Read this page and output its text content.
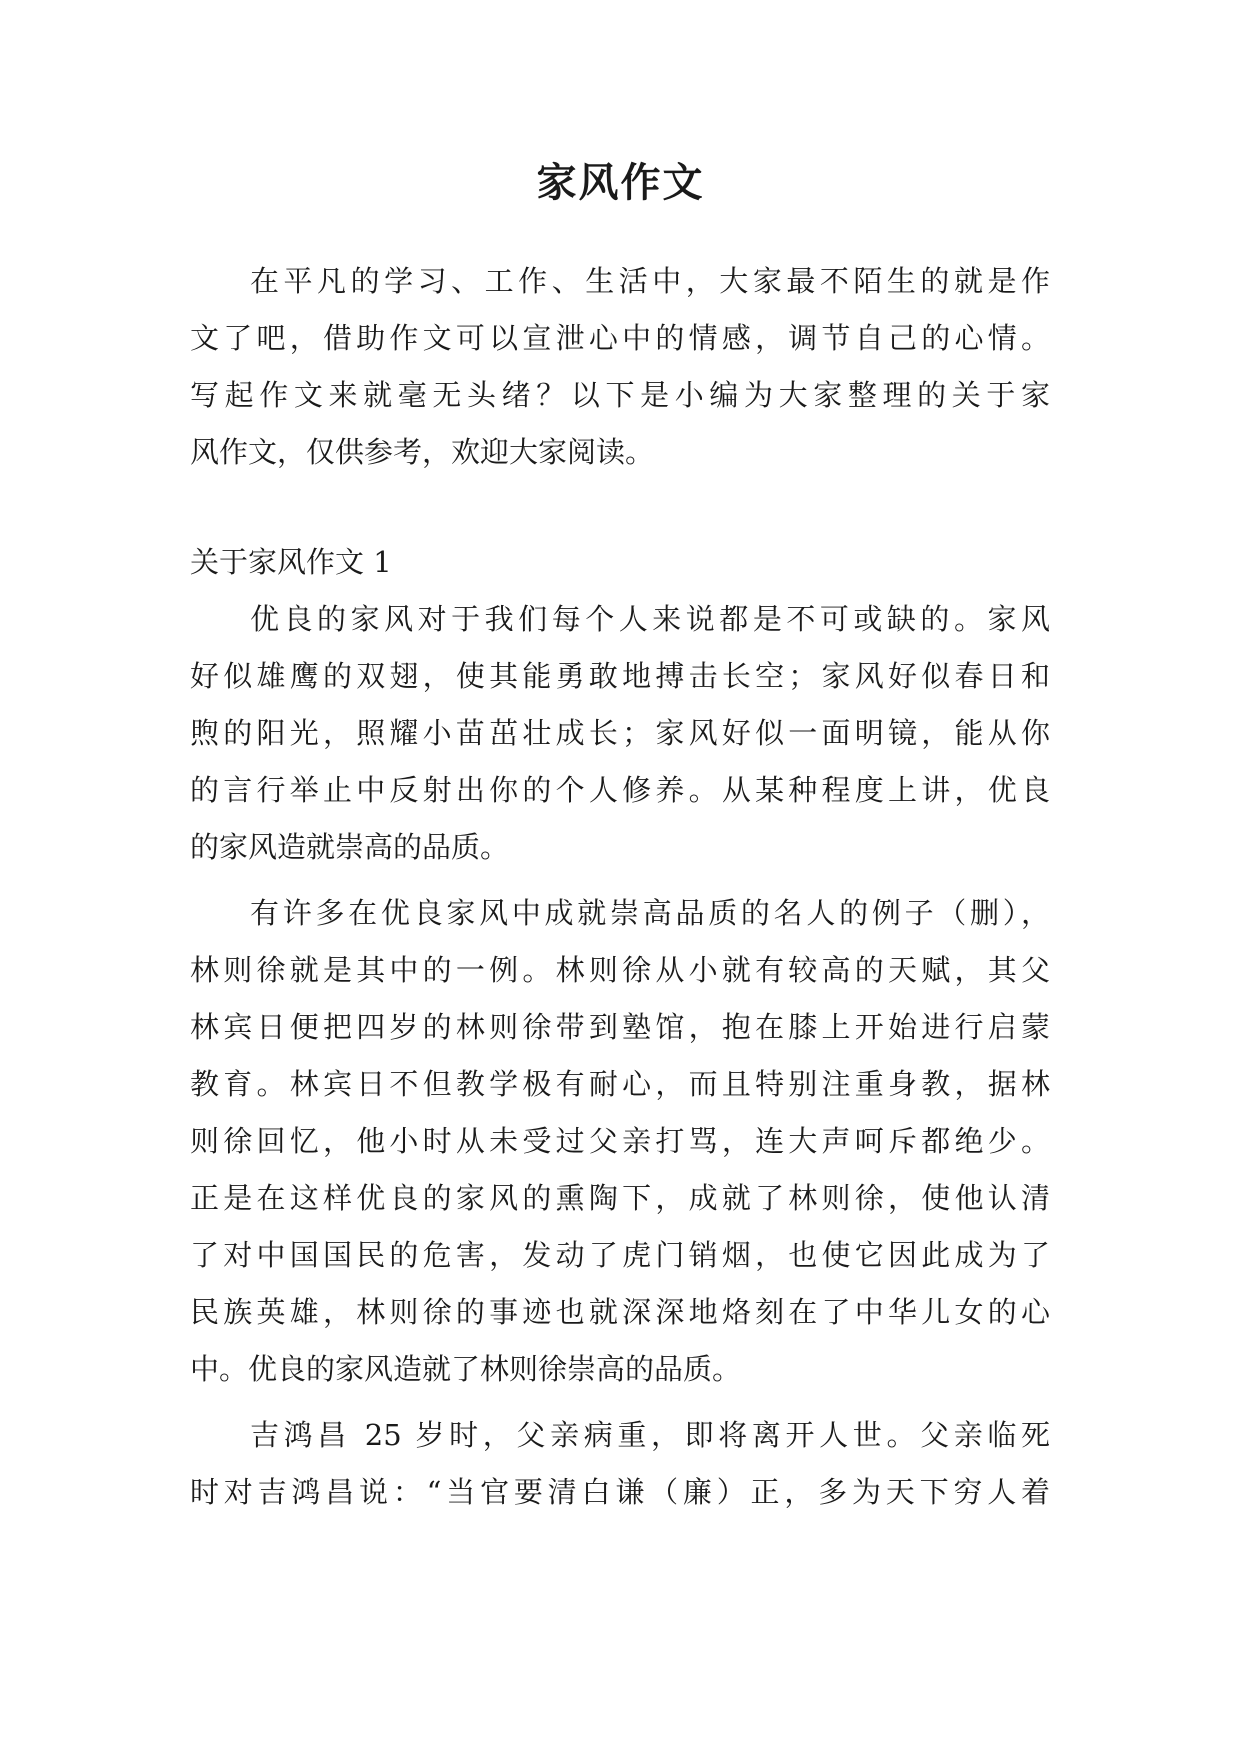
家风作文
在平凡的学习、工作、生活中，大家最不陌生的就是作
文了吧，借助作文可以宣泄心中的情感，调节自己的心情。
写起作文来就毫无头绪？以下是小编为大家整理的关于家
风作文，仅供参考，欢迎大家阅读。
关于家风作文 1
优良的家风对于我们每个人来说都是不可或缺的。家风
好似雄鹰的双翅，使其能勇敢地搏击长空；家风好似春日和
煦的阳光，照耀小苗茁壮成长；家风好似一面明镜，能从你
的言行举止中反射出你的个人修养。从某种程度上讲，优良
的家风造就崇高的品质。
有许多在优良家风中成就崇高品质的名人的例子（删），
林则徐就是其中的一例。林则徐从小就有较高的天赋，其父
林宾日便把四岁的林则徐带到塾馆，抱在膝上开始进行启蒙
教育。林宾日不但教学极有耐心，而且特别注重身教，据林
则徐回忆，他小时从未受过父亲打骂，连大声呵斥都绝少。
正是在这样优良的家风的熏陶下，成就了林则徐，使他认清
了对中国国民的危害，发动了虎门销烟，也使它因此成为了
民族英雄，林则徐的事迹也就深深地烙刻在了中华儿女的心
中。优良的家风造就了林则徐崇高的品质。
吉鸿昌 25 岁时，父亲病重，即将离开人世。父亲临死
时对吉鸿昌说：“当官要清白谦（廉）正，多为天下穷人着
